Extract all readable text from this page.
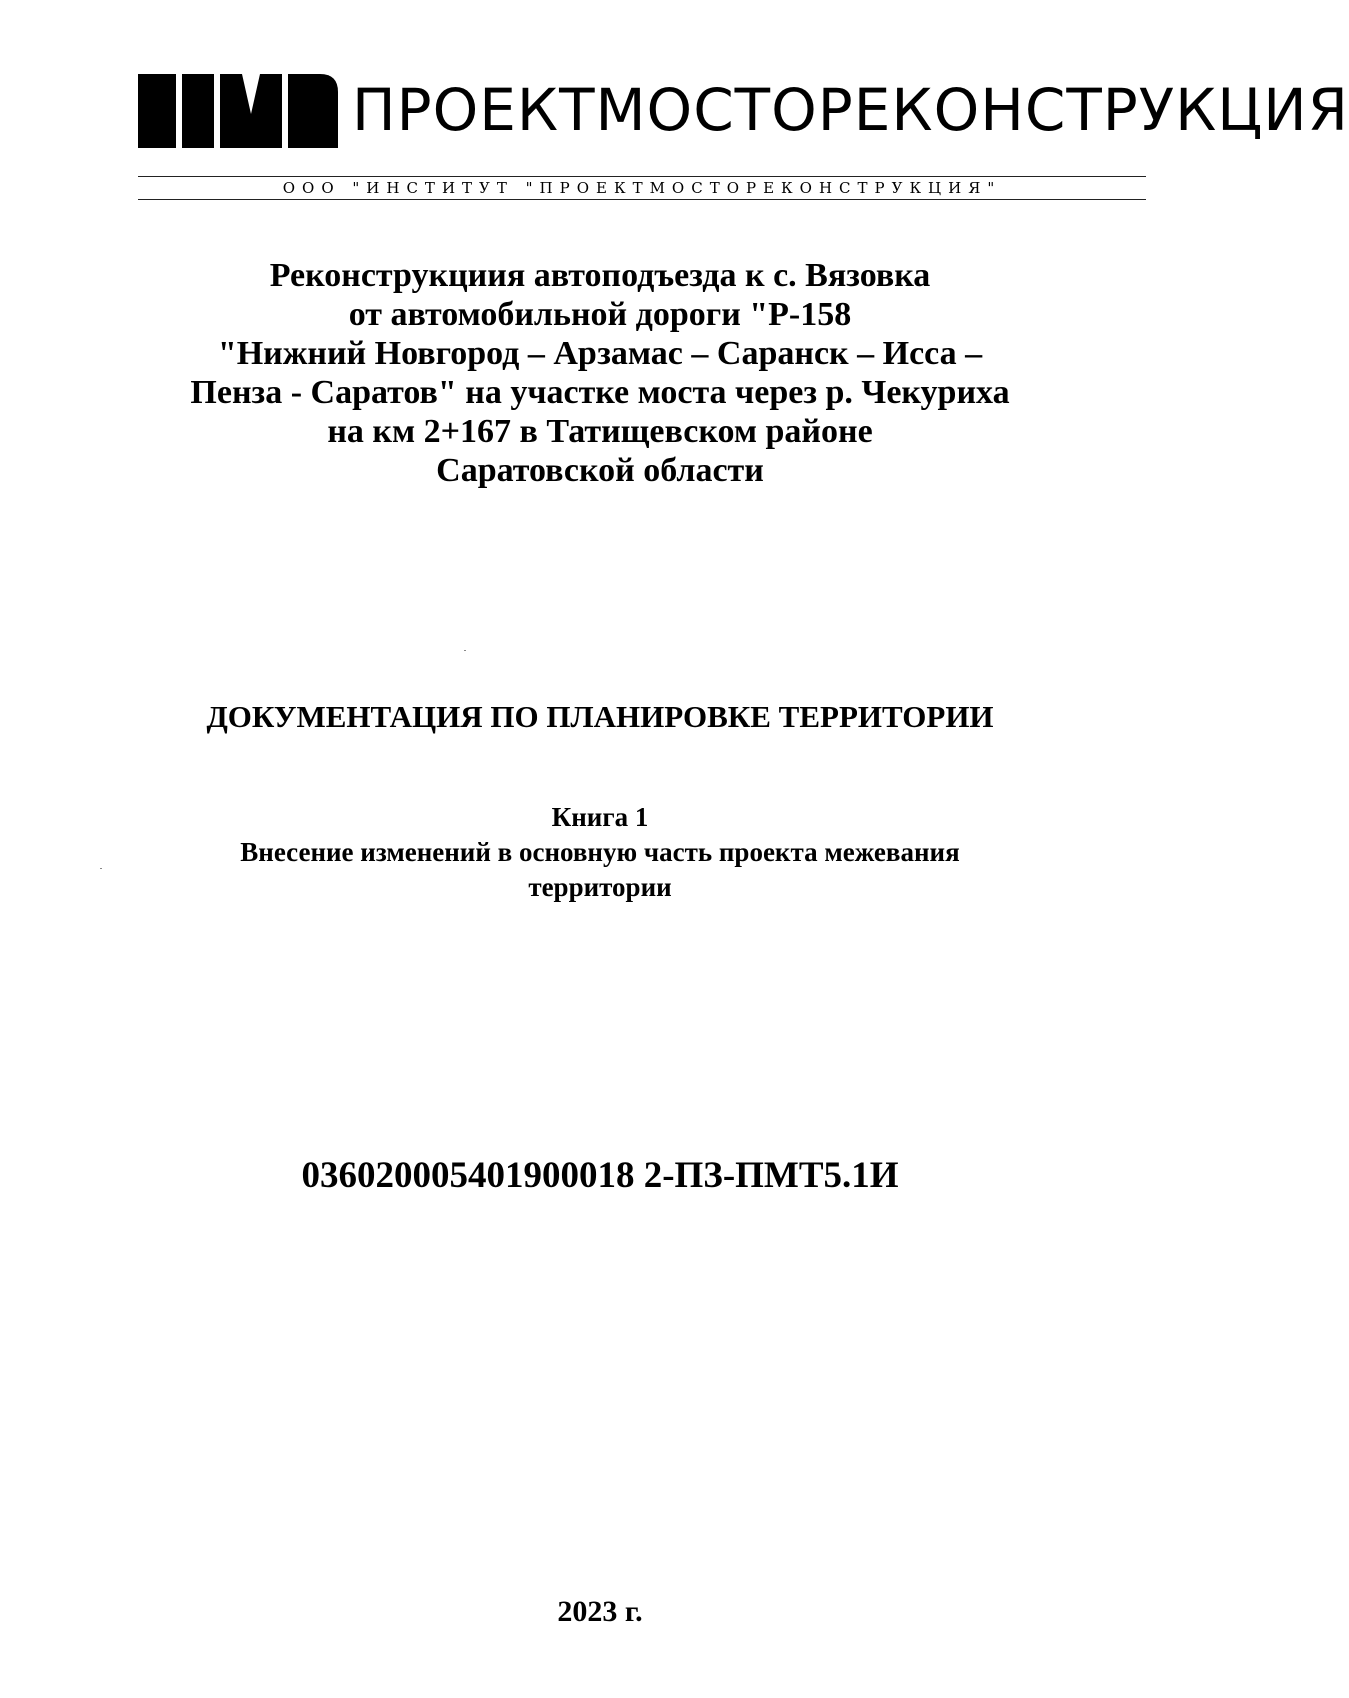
ПРОЕКТМОСТОРЕКОНСТРУКЦИЯ
ООО "ИНСТИТУТ "ПРОЕКТМОСТОРЕКОНСТРУКЦИЯ"
Реконструкциия автоподъезда к с. Вязовка
от автомобильной дороги "Р-158
"Нижний Новгород – Арзамас – Саранск – Исса –
Пенза - Саратов" на участке моста через р. Чекуриха
на км 2+167 в Татищевском районе
Саратовской области
ДОКУМЕНТАЦИЯ ПО ПЛАНИРОВКЕ ТЕРРИТОРИИ
Книга 1
Внесение изменений в основную часть проекта межевания
территории
036020005401900018 2-ПЗ-ПМТ5.1И
2023 г.
